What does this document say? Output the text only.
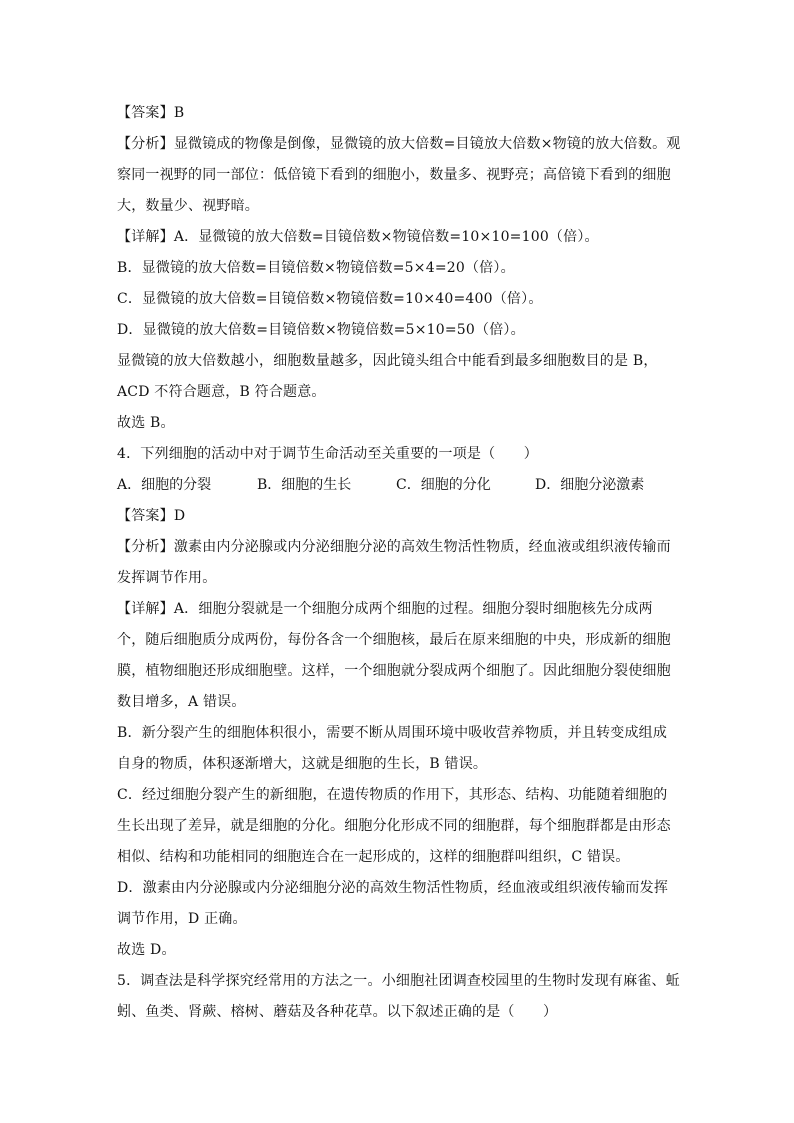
【答案】B
【分析】显微镜成的物像是倒像，显微镜的放大倍数=目镜放大倍数×物镜的放大倍数。观
察同一视野的同一部位：低倍镜下看到的细胞小，数量多、视野亮；高倍镜下看到的细胞
大，数量少、视野暗。
【详解】A．显微镜的放大倍数=目镜倍数×物镜倍数=10×10=100（倍）。
B．显微镜的放大倍数=目镜倍数×物镜倍数=5×4=20（倍）。
C．显微镜的放大倍数=目镜倍数×物镜倍数=10×40=400（倍）。
D．显微镜的放大倍数=目镜倍数×物镜倍数=5×10=50（倍）。
显微镜的放大倍数越小，细胞数量越多，因此镜头组合中能看到最多细胞数目的是 B，
ACD 不符合题意，B 符合题意。
故选 B。
4．下列细胞的活动中对于调节生命活动至关重要的一项是（　　）
A．细胞的分裂	B．细胞的生长	C．细胞的分化	D．细胞分泌激素
【答案】D
【分析】激素由内分泌腺或内分泌细胞分泌的高效生物活性物质，经血液或组织液传输而
发挥调节作用。
【详解】A．细胞分裂就是一个细胞分成两个细胞的过程。细胞分裂时细胞核先分成两
个，随后细胞质分成两份，每份各含一个细胞核，最后在原来细胞的中央，形成新的细胞
膜，植物细胞还形成细胞壁。这样，一个细胞就分裂成两个细胞了。因此细胞分裂使细胞
数目增多，A 错误。
B．新分裂产生的细胞体积很小，需要不断从周围环境中吸收营养物质，并且转变成组成
自身的物质，体积逐渐增大，这就是细胞的生长，B 错误。
C．经过细胞分裂产生的新细胞，在遗传物质的作用下，其形态、结构、功能随着细胞的
生长出现了差异，就是细胞的分化。细胞分化形成不同的细胞群，每个细胞群都是由形态
相似、结构和功能相同的细胞连合在一起形成的，这样的细胞群叫组织，C 错误。
D．激素由内分泌腺或内分泌细胞分泌的高效生物活性物质，经血液或组织液传输而发挥
调节作用，D 正确。
故选 D。
5．调查法是科学探究经常用的方法之一。小细胞社团调查校园里的生物时发现有麻雀、蚯
蚓、鱼类、肾蕨、榕树、蘑菇及各种花草。以下叙述正确的是（　　）
